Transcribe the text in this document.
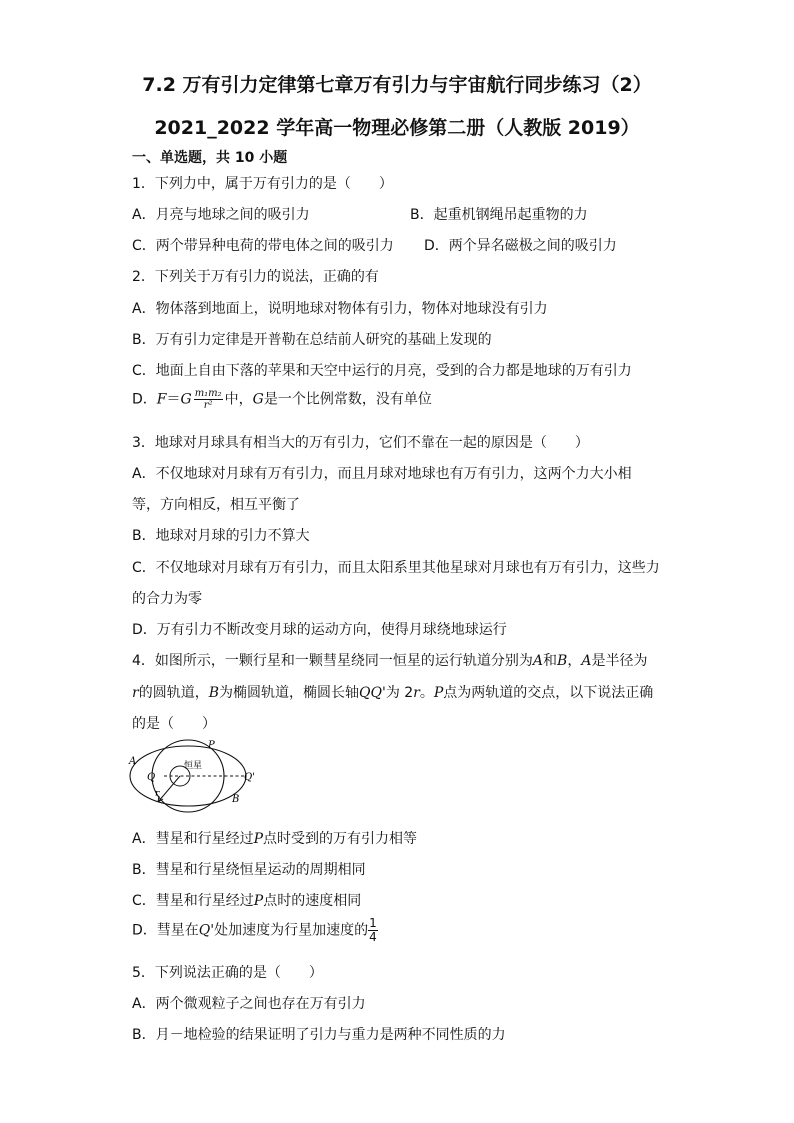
7.2 万有引力定律第七章万有引力与宇宙航行同步练习（2）
2021_2022 学年高一物理必修第二册（人教版 2019）
一、单选题，共 10 小题
1．下列力中，属于万有引力的是（　　）
A．月亮与地球之间的吸引力	B．起重机钢绳吊起重物的力
C．两个带异种电荷的带电体之间的吸引力 D．两个异名磁极之间的吸引力
2．下列关于万有引力的说法，正确的有
A．物体落到地面上，说明地球对物体有引力，物体对地球没有引力
B．万有引力定律是开普勒在总结前人研究的基础上发现的
C．地面上自由下落的苹果和天空中运行的月亮，受到的合力都是地球的万有引力
D．$F=G \frac{\text{m₁m₂}}{\text{r²}}$ 中，G是一个比例常数，没有单位
3．地球对月球具有相当大的万有引力，它们不靠在一起的原因是（　　）
A．不仅地球对月球有万有引力，而且月球对地球也有万有引力，这两个力大小相
等，方向相反，相互平衡了
B．地球对月球的引力不算大
C．不仅地球对月球有万有引力，而且太阳系里其他星球对月球也有万有引力，这些力
的合力为零
D．万有引力不断改变月球的运动方向，使得月球绕地球运行
4．如图所示，一颗行星和一颗彗星绕同一恒星的运行轨道分别为A和B，A是半径为
r的圆轨道，B为椭圆轨道，椭圆长轴QQ'为 2r。P点为两轨道的交点，以下说法正确
的是（　　）
A
P
Q	Q'
B
r
恒星
A．彗星和行星经过P点时受到的万有引力相等
B．彗星和行星绕恒星运动的周期相同
C．彗星和行星经过P点时的速度相同
D．彗星在Q'处加速度为行星加速度的 $\frac{1}{4}$
5．下列说法正确的是（　　）
A．两个微观粒子之间也存在万有引力
B．月－地检验的结果证明了引力与重力是两种不同性质的力
